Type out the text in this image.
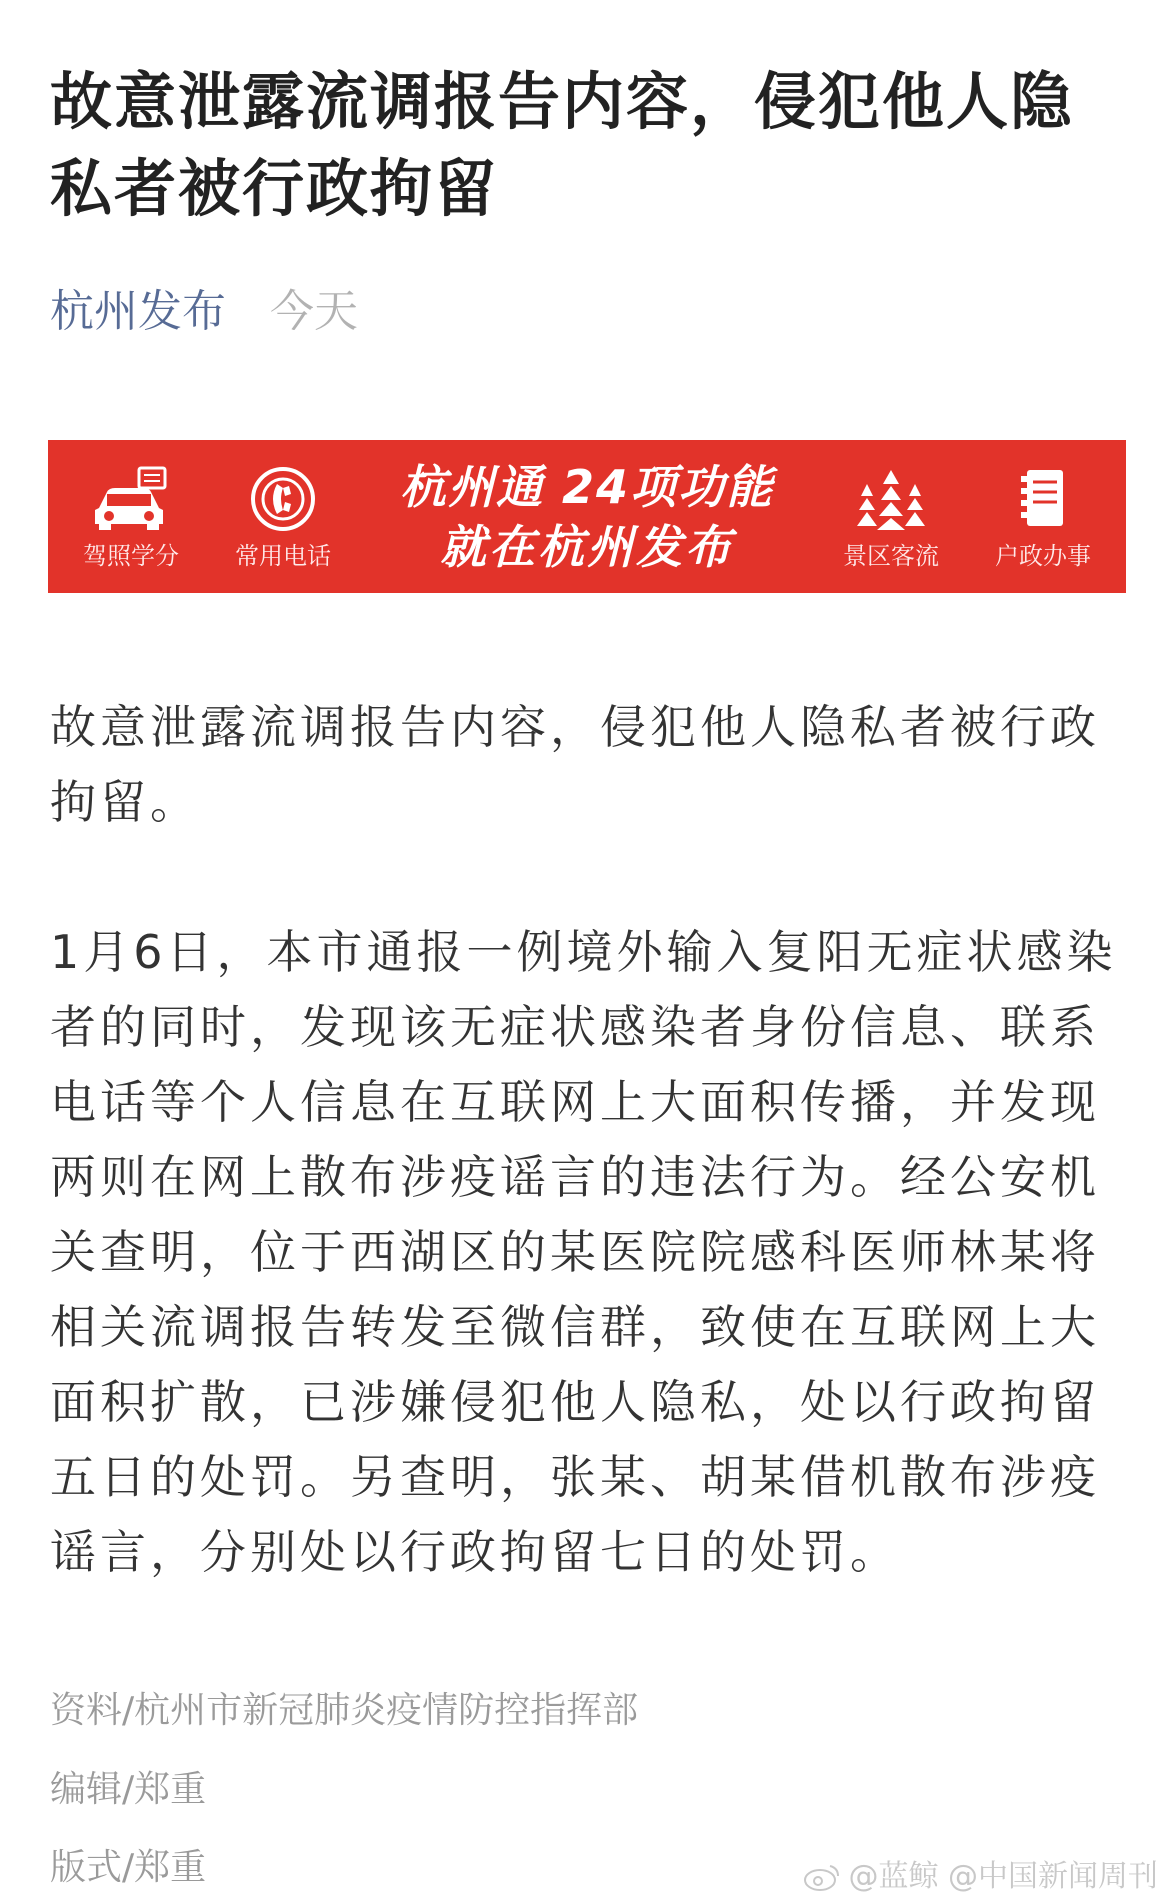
故意泄露流调报告内容，侵犯他人隐私者被行政拘留
杭州发布 今天
驾照学分 常用电话
杭州通 24项功能
就在杭州发布	景区客流 户政办事

故意泄露流调报告内容，侵犯他人隐私者被行政拘留。

1月6日，本市通报一例境外输入复阳无症状感染者的同时，发现该无症状感染者身份信息、联系电话等个人信息在互联网上大面积传播，并发现两则在网上散布涉疫谣言的违法行为。经公安机关查明，位于西湖区的某医院院感科医师林某将相关流调报告转发至微信群，致使在互联网上大面积扩散，已涉嫌侵犯他人隐私，处以行政拘留五日的处罚。另查明，张某、胡某借机散布涉疫谣言，分别处以行政拘留七日的处罚。

资料/杭州市新冠肺炎疫情防控指挥部
编辑/郑重
版式/郑重	@蓝鲸 @中国新闻周刊
